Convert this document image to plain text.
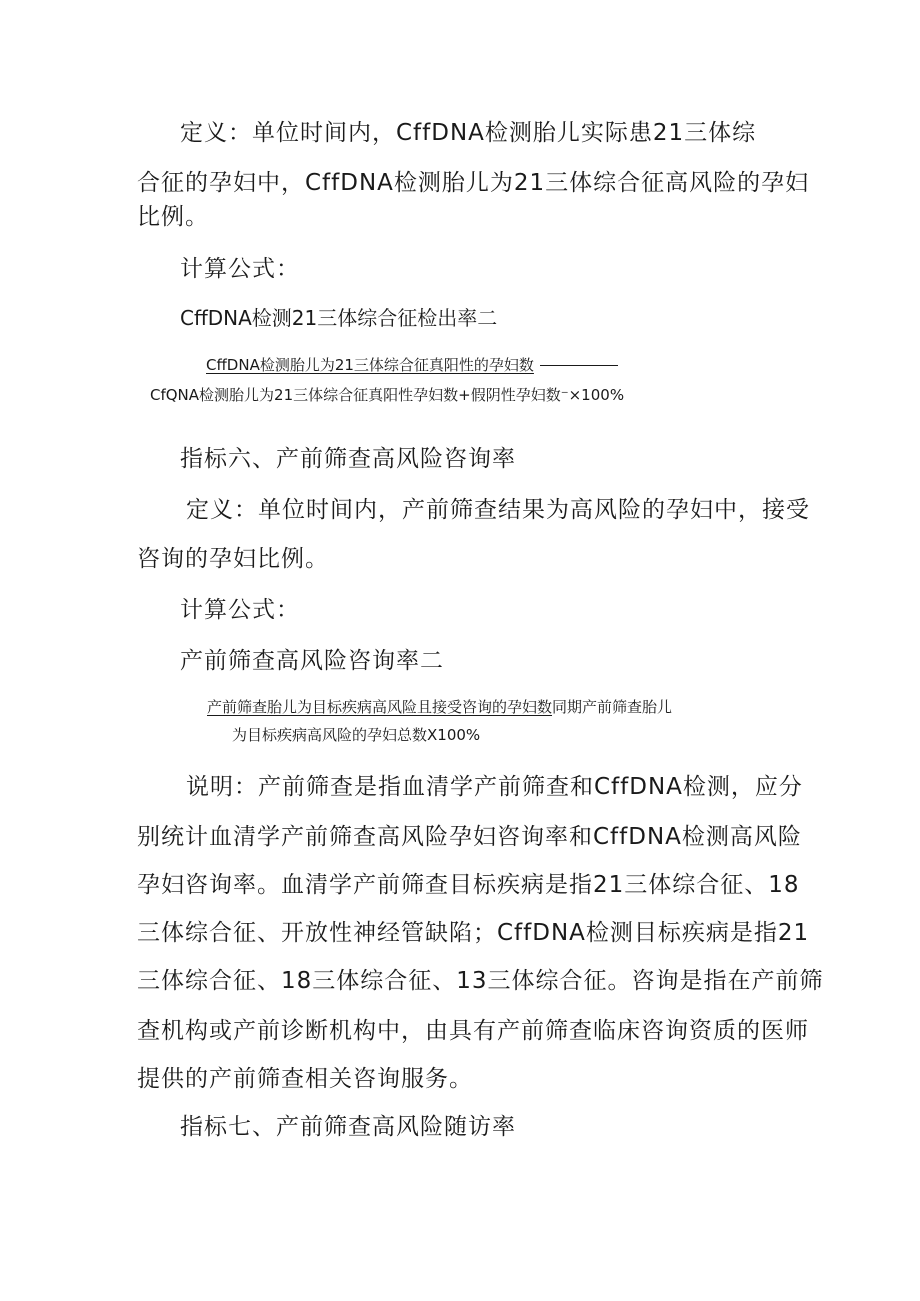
定义：单位时间内，CffDNA检测胎儿实际患21三体综
合征的孕妇中，CffDNA检测胎儿为21三体综合征高风险的孕妇
比例。
计算公式：
CffDNA检测21三体综合征检出率二
CffDNA检测胎儿为21三体综合征真阳性的孕妇数
CfQNA检测胎儿为21三体综合征真阳性孕妇数+假阴性孕妇数⁻×100%
指标六、产前筛查高风险咨询率
定义：单位时间内，产前筛查结果为高风险的孕妇中，接受
咨询的孕妇比例。
计算公式：
产前筛查高风险咨询率二
产前筛查胎儿为目标疾病高风险且接受咨询的孕妇数同期产前筛查胎儿
为目标疾病高风险的孕妇总数X100%
说明：产前筛查是指血清学产前筛查和CffDNA检测，应分
别统计血清学产前筛查高风险孕妇咨询率和CffDNA检测高风险
孕妇咨询率。血清学产前筛查目标疾病是指21三体综合征、18
三体综合征、开放性神经管缺陷；CffDNA检测目标疾病是指21
三体综合征、18三体综合征、13三体综合征。咨询是指在产前筛
查机构或产前诊断机构中，由具有产前筛查临床咨询资质的医师
提供的产前筛查相关咨询服务。
指标七、产前筛查高风险随访率
